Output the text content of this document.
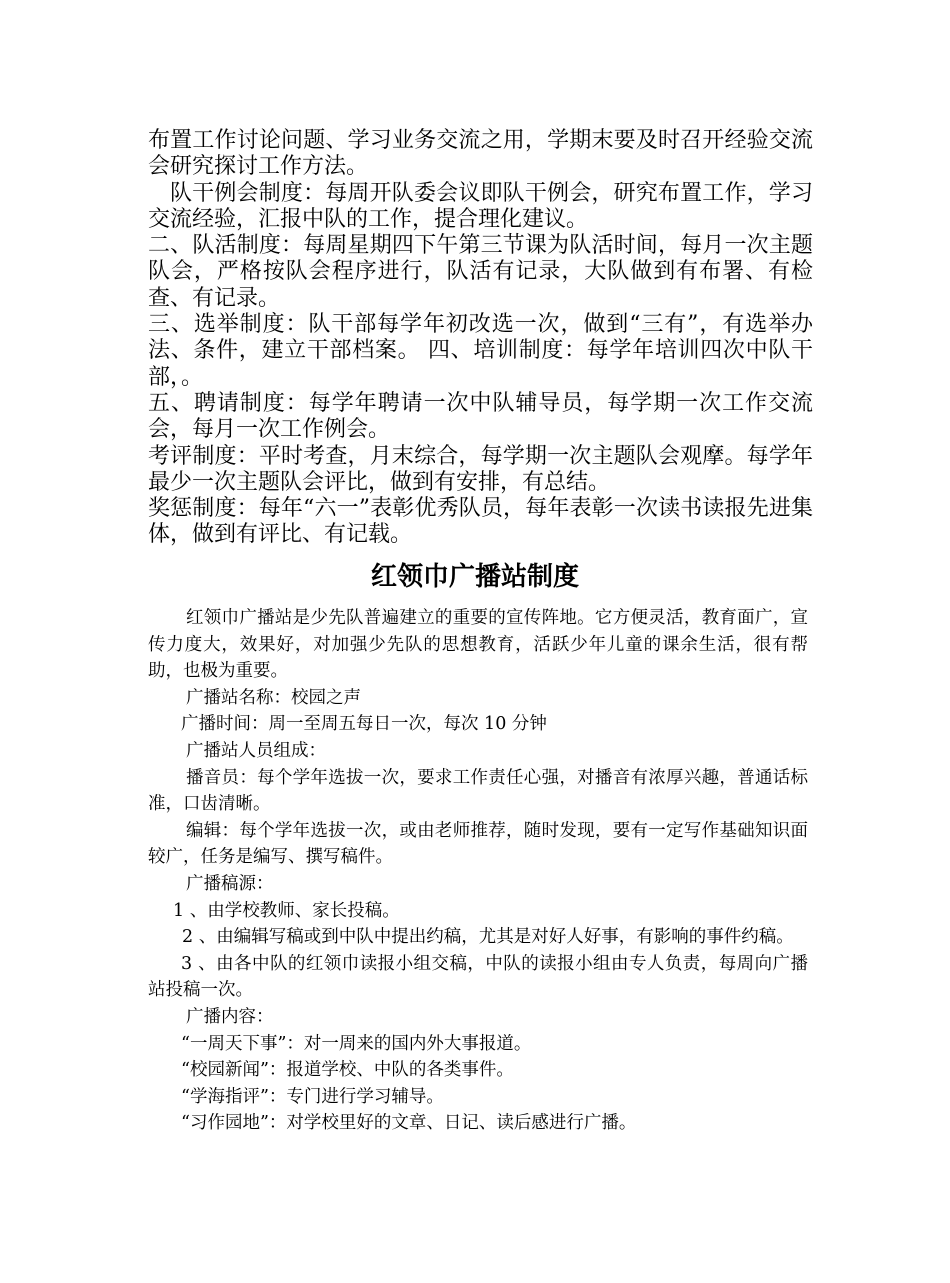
布置工作讨论问题、学习业务交流之用，学期末要及时召开经验交流会研究探讨工作方法。

队干例会制度：每周开队委会议即队干例会，研究布置工作，学习交流经验，汇报中队的工作，提合理化建议。

二、队活制度：每周星期四下午第三节课为队活时间，每月一次主题队会，严格按队会程序进行，队活有记录，大队做到有布署、有检查、有记录。

三、选举制度：队干部每学年初改选一次，做到“三有”，有选举办法、条件，建立干部档案。 四、培训制度：每学年培训四次中队干部，。

五、聘请制度：每学年聘请一次中队辅导员，每学期一次工作交流会，每月一次工作例会。

考评制度：平时考查，月末综合，每学期一次主题队会观摩。每学年最少一次主题队会评比，做到有安排，有总结。

奖惩制度：每年“六一”表彰优秀队员，每年表彰一次读书读报先进集体，做到有评比、有记载。

红领巾广播站制度

红领巾广播站是少先队普遍建立的重要的宣传阵地。它方便灵活，教育面广，宣传力度大，效果好，对加强少先队的思想教育，活跃少年儿童的课余生活，很有帮助，也极为重要。

广播站名称：校园之声

广播时间：周一至周五每日一次，每次 10 分钟

广播站人员组成：

播音员：每个学年选拔一次，要求工作责任心强，对播音有浓厚兴趣，普通话标准，口齿清晰。

编辑：每个学年选拔一次，或由老师推荐，随时发现，要有一定写作基础知识面较广，任务是编写、撰写稿件。

广播稿源：

1 、由学校教师、家长投稿。

2 、由编辑写稿或到中队中提出约稿，尤其是对好人好事，有影响的事件约稿。

3 、由各中队的红领巾读报小组交稿，中队的读报小组由专人负责，每周向广播站投稿一次。

广播内容：

“一周天下事”：对一周来的国内外大事报道。

“校园新闻”：报道学校、中队的各类事件。

“学海指评”：专门进行学习辅导。

“习作园地”：对学校里好的文章、日记、读后感进行广播。
